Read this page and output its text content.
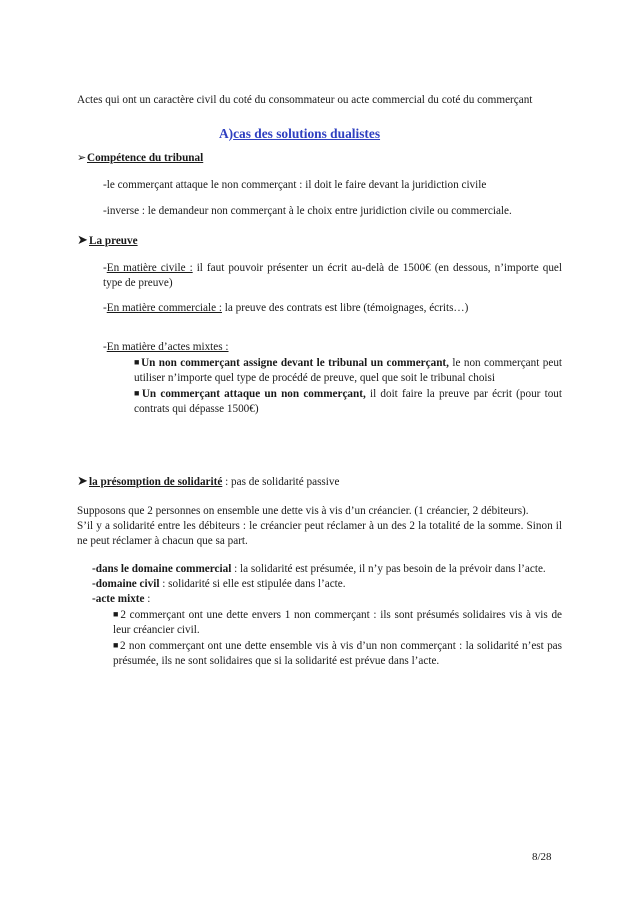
Actes qui ont un caractère civil du coté du consommateur ou acte commercial du coté du commerçant

A)cas des solutions dualistes

➢Compétence du tribunal

-le commerçant attaque le non commerçant : il doit le faire devant la juridiction civile

-inverse : le demandeur non commerçant à le choix entre juridiction civile ou commerciale.

➤La preuve

-En matière civile : il faut pouvoir présenter un écrit au-delà de 1500€ (en dessous, n’importe quel type de preuve)

-En matière commerciale : la preuve des contrats est libre (témoignages, écrits…)

-En matière d’actes mixtes :

■Un non commerçant assigne devant le tribunal un commerçant, le non commerçant peut utiliser n’importe quel type de procédé de preuve, quel que soit le tribunal choisi

■Un commerçant attaque un non commerçant, il doit faire la preuve par écrit (pour tout contrats qui dépasse 1500€)

➤la présomption de solidarité : pas de solidarité passive

Supposons que 2 personnes on ensemble une dette vis à vis d’un créancier. (1 créancier, 2 débiteurs).

S’il y a solidarité entre les débiteurs : le créancier peut réclamer à un des 2 la totalité de la somme. Sinon il ne peut réclamer à chacun que sa part.

-dans le domaine commercial : la solidarité est présumée, il n’y pas besoin de la prévoir dans l’acte.

-domaine civil : solidarité si elle est stipulée dans l’acte.

-acte mixte :

■2 commerçant ont une dette envers 1 non commerçant : ils sont présumés solidaires vis à vis de leur créancier civil.

■2 non commerçant ont une dette ensemble vis à vis d’un non commerçant : la solidarité n’est pas présumée, ils ne sont solidaires que si la solidarité est prévue dans l’acte.

8/28
